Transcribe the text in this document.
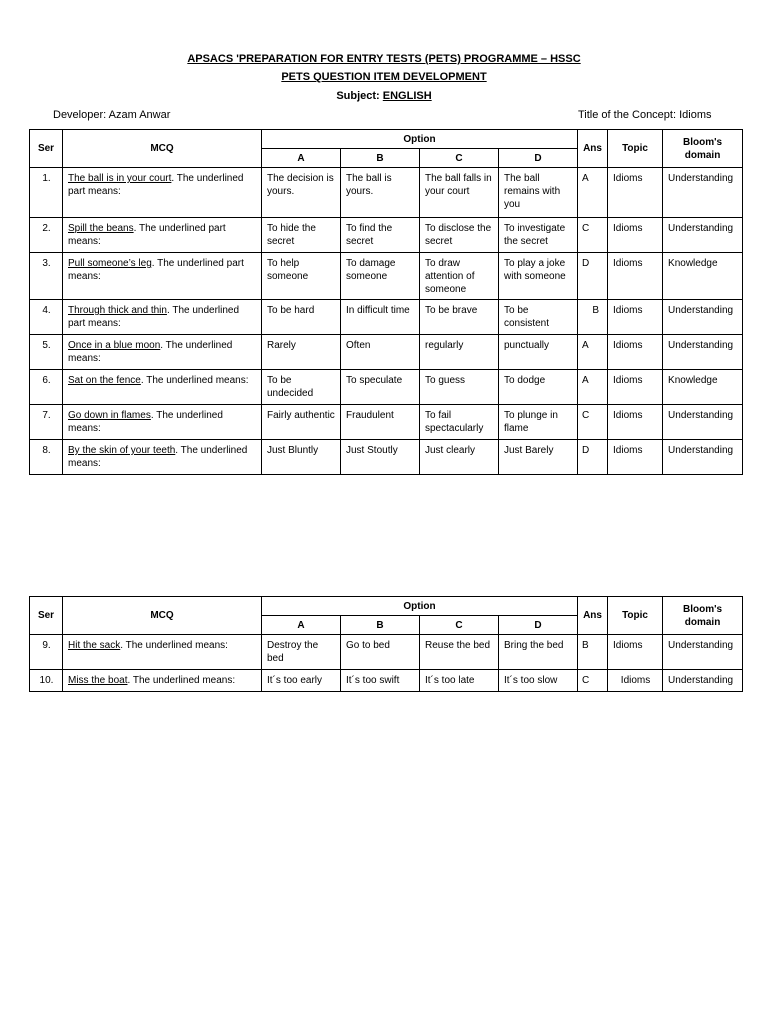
APSACS 'PREPARATION FOR ENTRY TESTS (PETS) PROGRAMME – HSSC
PETS QUESTION ITEM DEVELOPMENT
Subject: ENGLISH
Developer: Azam Anwar	Title of the Concept: Idioms
Ser	MCQ	Option				Ans	Topic	Bloom's domain
		A	B	C	D			
1.	The ball is in your court. The underlined part means:	The decision is yours.	The ball is yours.	The ball falls in your court	The ball remains with you	A	Idioms	Understanding
2.	Spill the beans. The underlined part means:	To hide the secret	To find the secret	To disclose the secret	To investigate the secret	C	Idioms	Understanding
3.	Pull someone’s leg. The underlined part means:	To help someone	To damage someone	To draw attention of someone	To play a joke with someone	D	Idioms	Knowledge
4.	Through thick and thin. The underlined part means:	To be hard	In difficult time	To be brave	To be consistent	B	Idioms	Understanding
5.	Once in a blue moon. The underlined means:	Rarely	Often	regularly	punctually	A	Idioms	Understanding
6.	Sat on the fence. The underlined means:	To be undecided	To speculate	To guess	To dodge	A	Idioms	Knowledge
7.	Go down in flames. The underlined means:	Fairly authentic	Fraudulent	To fail spectacularly	To plunge in flame	C	Idioms	Understanding
8.	By the skin of your teeth. The underlined means:	Just Bluntly	Just Stoutly	Just clearly	Just Barely	D	Idioms	Understanding
Ser	MCQ	Option				Ans	Topic	Bloom's domain
		A	B	C	D			
9.	Hit the sack. The underlined means:	Destroy the bed	Go to bed	Reuse the bed	Bring the bed	B	Idioms	Understanding
10.	Miss the boat. The underlined means:	It´s too early	It´s too swift	It´s too late	It´s too slow	C	Idioms	Understanding
